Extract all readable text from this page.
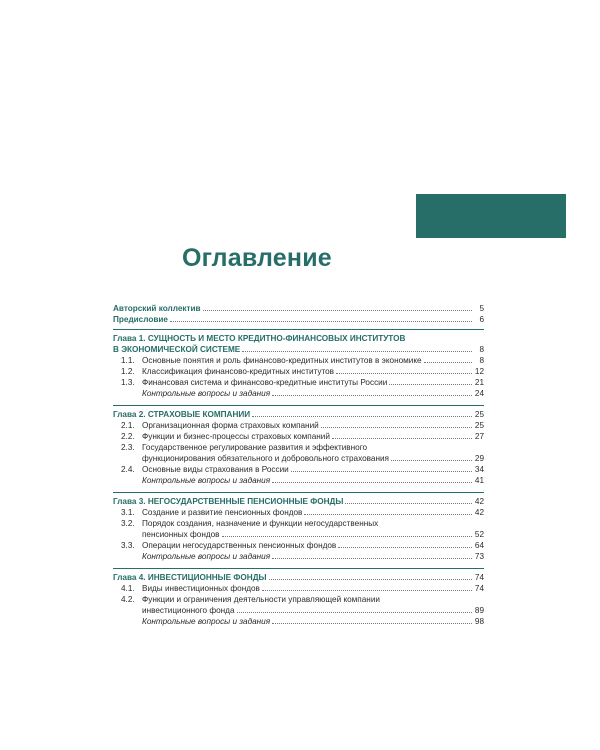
Оглавление
Авторский коллектив	5
Предисловие	6
Глава 1. СУЩНОСТЬ И МЕСТО КРЕДИТНО-ФИНАНСОВЫХ ИНСТИТУТОВ
В ЭКОНОМИЧЕСКОЙ СИСТЕМЕ	8
1.1. Основные понятия и роль финансово-кредитных институтов в экономике	8
1.2. Классификация финансово-кредитных институтов	12
1.3. Финансовая система и финансово-кредитные институты России	21
Контрольные вопросы и задания	24
Глава 2. СТРАХОВЫЕ КОМПАНИИ	25
2.1. Организационная форма страховых компаний	25
2.2. Функции и бизнес-процессы страховых компаний	27
2.3. Государственное регулирование развития и эффективного
функционирования обязательного и добровольного страхования	29
2.4. Основные виды страхования в России	34
Контрольные вопросы и задания	41
Глава 3. НЕГОСУДАРСТВЕННЫЕ ПЕНСИОННЫЕ ФОНДЫ	42
3.1. Создание и развитие пенсионных фондов	42
3.2. Порядок создания, назначение и функции негосударственных
пенсионных фондов	52
3.3. Операции негосударственных пенсионных фондов	64
Контрольные вопросы и задания	73
Глава 4. ИНВЕСТИЦИОННЫЕ ФОНДЫ	74
4.1. Виды инвестиционных фондов	74
4.2. Функции и ограничения деятельности управляющей компании
инвестиционного фонда	89
Контрольные вопросы и задания	98
